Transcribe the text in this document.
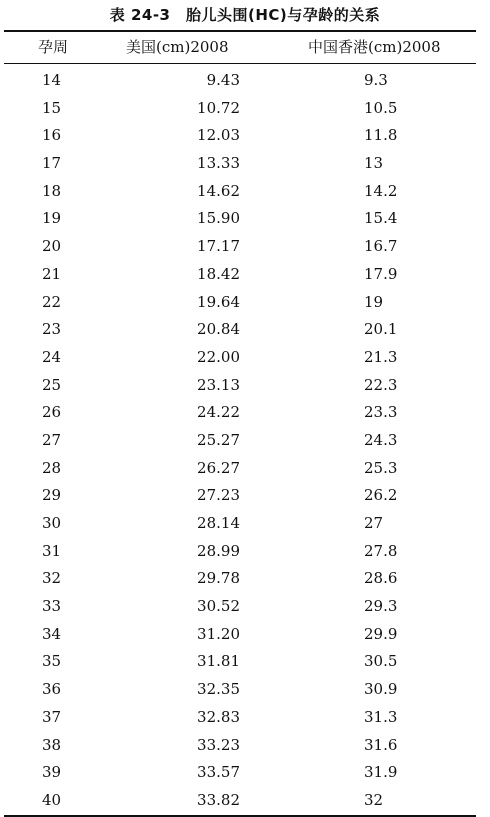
表 24-3　胎儿头围(HC)与孕龄的关系
孕周	美国(cm)2008	中国香港(cm)2008
14	9.43	9.3
15	10.72	10.5
16	12.03	11.8
17	13.33	13
18	14.62	14.2
19	15.90	15.4
20	17.17	16.7
21	18.42	17.9
22	19.64	19
23	20.84	20.1
24	22.00	21.3
25	23.13	22.3
26	24.22	23.3
27	25.27	24.3
28	26.27	25.3
29	27.23	26.2
30	28.14	27
31	28.99	27.8
32	29.78	28.6
33	30.52	29.3
34	31.20	29.9
35	31.81	30.5
36	32.35	30.9
37	32.83	31.3
38	33.23	31.6
39	33.57	31.9
40	33.82	32
